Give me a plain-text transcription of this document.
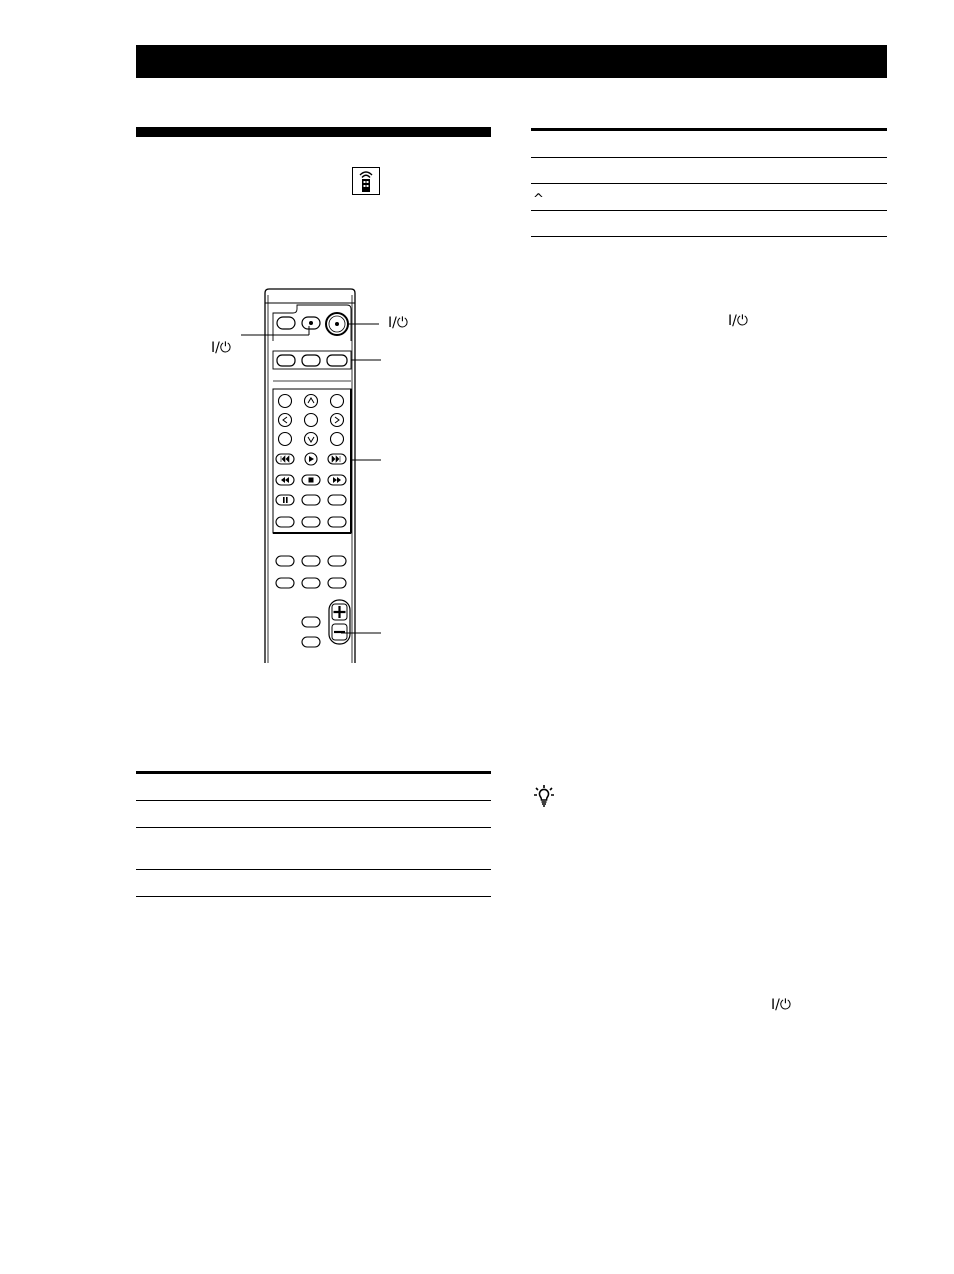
I/⏻
I/⏻
^
I/⏻
I/⏻
